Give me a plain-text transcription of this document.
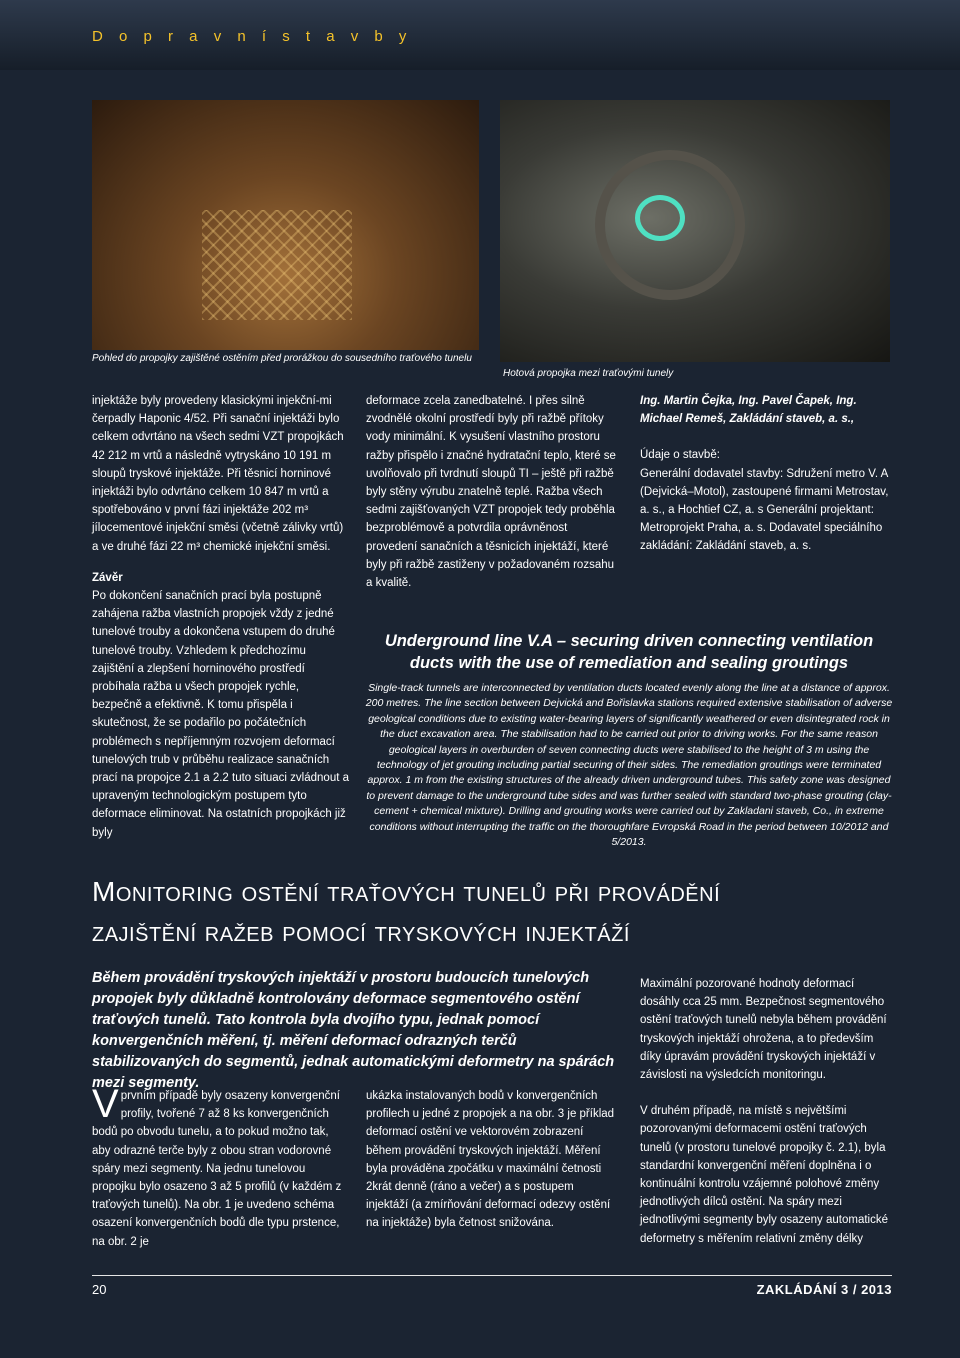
D o p r a v n í s t a v b y
Pohled do propojky zajištěné ostěním před prorážkou do sousedního traťového tunelu
Hotová propojka mezi traťovými tunely
injektáže byly provedeny klasickými injekční-mi čerpadly Haponic 4/52. Při sanační injektáži bylo celkem odvrtáno na všech sedmi VZT propojkách 42 212 m vrtů a následně vytryskáno 10 191 m sloupů tryskové injektáže. Při těsnicí horninové injektáži bylo odvrtáno celkem 10 847 m vrtů a spotřebováno v první fázi injektáže 202 m³ jílocementové injekční směsi (včetně zálivky vrtů) a ve druhé fázi 22 m³ chemické injekční směsi.
Závěr
Po dokončení sanačních prací byla postupně zahájena ražba vlastních propojek vždy z jedné tunelové trouby a dokončena vstupem do druhé tunelové trouby. Vzhledem k předchozímu zajištění a zlepšení horninového prostředí probíhala ražba u všech propojek rychle, bezpečně a efektivně. K tomu přispěla i skutečnost, že se podařilo po počátečních problémech s nepříjemným rozvojem deformací tunelových trub v průběhu realizace sanačních prací na propojce 2.1 a 2.2 tuto situaci zvládnout a upraveným technologickým postupem tyto deformace eliminovat. Na ostatních propojkách již byly
deformace zcela zanedbatelné. I přes silně zvodnělé okolní prostředí byly při ražbě přítoky vody minimální. K vysušení vlastního prostoru ražby přispělo i značné hydratační teplo, které se uvolňovalo při tvrdnutí sloupů TI – ještě při ražbě byly stěny výrubu znatelně teplé. Ražba všech sedmi zajišťovaných VZT propojek tedy proběhla bezproblémově a potvrdila oprávněnost provedení sanačních a těsnicích injektáží, které byly při ražbě zastiženy v požadovaném rozsahu a kvalitě.
Ing. Martin Čejka, Ing. Pavel Čapek, Ing. Michael Remeš, Zakládání staveb, a. s.,
Údaje o stavbě:
Generální dodavatel stavby: Sdružení metro V. A (Dejvická–Motol), zastoupené firmami Metrostav, a. s., a Hochtief CZ, a. s Generální projektant: Metroprojekt Praha, a. s. Dodavatel speciálního zakládání: Zakládání staveb, a. s.
Underground line V.A – securing driven connecting ventilation ducts with the use of remediation and sealing groutings
Single-track tunnels are interconnected by ventilation ducts located evenly along the line at a distance of approx. 200 metres. The line section between Dejvická and Bořislavka stations required extensive stabilisation of adverse geological conditions due to existing water-bearing layers of significantly weathered or even disintegrated rock in the duct excavation area. The stabilisation had to be carried out prior to driving works. For the same reason geological layers in overburden of seven connecting ducts were stabilised to the height of 3 m using the technology of jet grouting including partial securing of their sides. The remediation groutings were terminated approx. 1 m from the existing structures of the already driven underground tubes. This safety zone was designed to prevent damage to the underground tube sides and was further sealed with standard two-phase grouting (clay-cement + chemical mixture). Drilling and grouting works were carried out by Zakladani staveb, Co., in extreme conditions without interrupting the traffic on the thoroughfare Evropská Road in the period between 10/2012 and 5/2013.
Monitoring ostění traťových tunelů při provádění
zajištění ražeb pomocí tryskových injektáží
Během provádění tryskových injektáží v prostoru budoucích tunelových propojek byly důkladně kontrolovány deformace segmentového ostění traťových tunelů. Tato kontrola byla dvojího typu, jednak pomocí konvergenčních měření, tj. měření deformací odrazných terčů stabilizovaných do segmentů, jednak automatickými deformetry na spárách mezi segmenty.
V prvním případě byly osazeny konvergenční profily, tvořené 7 až 8 ks konvergenčních bodů po obvodu tunelu, a to pokud možno tak, aby odrazné terče byly z obou stran vodorovné spáry mezi segmenty. Na jednu tunelovou propojku bylo osazeno 3 až 5 profilů (v každém z traťových tunelů). Na obr. 1 je uvedeno schéma osazení konvergenčních bodů dle typu prstence, na obr. 2 je
ukázka instalovaných bodů v konvergenčních profilech u jedné z propojek a na obr. 3 je příklad deformací ostění ve vektorovém zobrazení během provádění tryskových injektáží. Měření byla prováděna zpočátku v maximální četnosti 2krát denně (ráno a večer) a s postupem injektáží (a zmírňování deformací odezvy ostění na injektáže) byla četnost snižována.
Maximální pozorované hodnoty deformací dosáhly cca 25 mm. Bezpečnost segmentového ostění traťových tunelů nebyla během provádění tryskových injektáží ohrožena, a to především díky úpravám provádění tryskových injektáží v závislosti na výsledcích monitoringu.
V druhém případě, na místě s největšími pozorovanými deformacemi ostění traťových tunelů (v prostoru tunelové propojky č. 2.1), byla standardní konvergenční měření doplněna i o kontinuální kontrolu vzájemné polohové změny jednotlivých dílců ostění. Na spáry mezi jednotlivými segmenty byly osazeny automatické deformetry s měřením relativní změny délky
20	ZAKLÁDÁNÍ 3 / 2013
